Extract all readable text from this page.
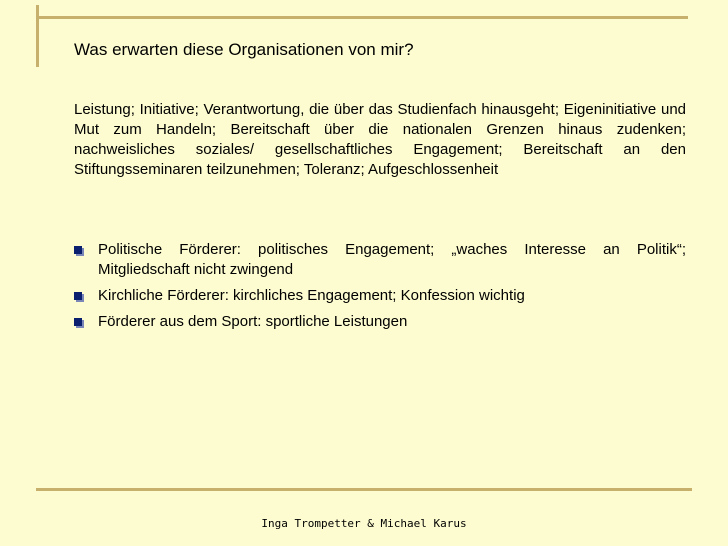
Was erwarten diese Organisationen von mir?

Leistung; Initiative; Verantwortung, die über das Studienfach hinausgeht; Eigeninitiative und Mut zum Handeln; Bereitschaft über die nationalen Grenzen hinaus zudenken; nachweisliches soziales/ gesellschaftliches Engagement; Bereitschaft an den Stiftungsseminaren teilzunehmen; Toleranz; Aufgeschlossenheit

Politische Förderer: politisches Engagement; „waches Interesse an Politik“; Mitgliedschaft nicht zwingend
Kirchliche Förderer: kirchliches Engagement; Konfession wichtig
Förderer aus dem Sport: sportliche Leistungen
Inga Trompetter & Michael Karus
